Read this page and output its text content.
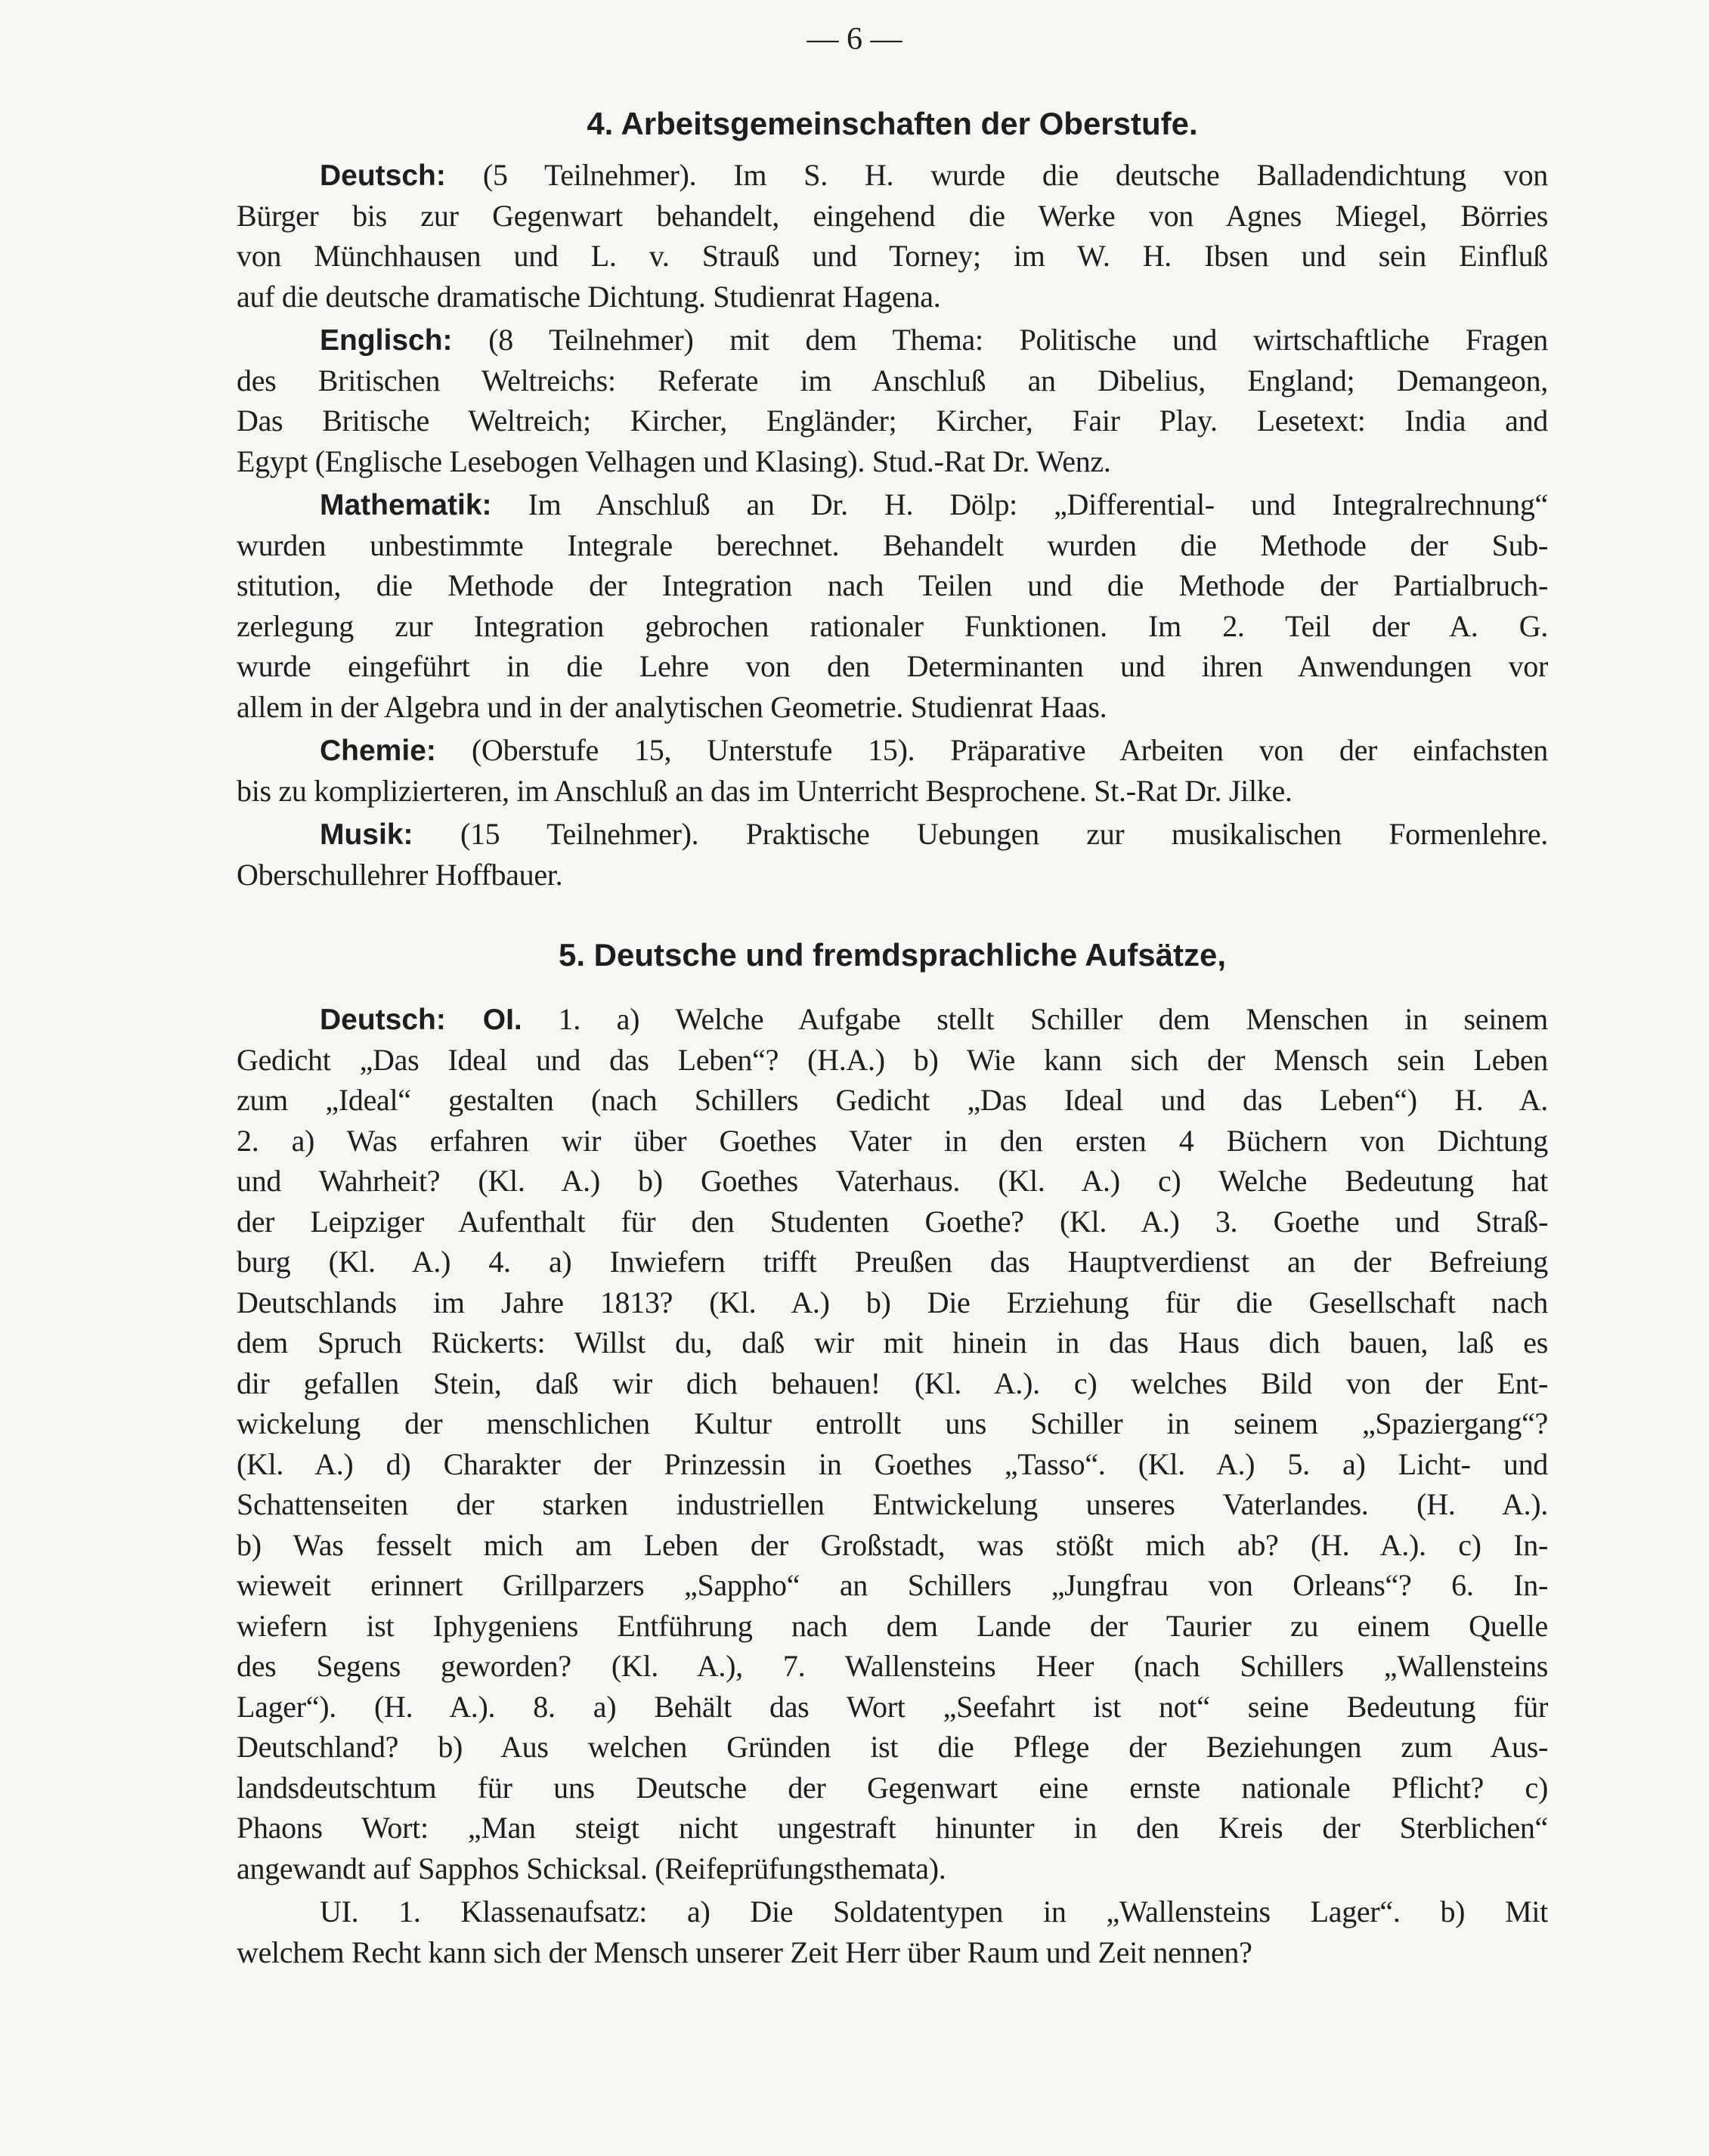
— 6 —
4. Arbeitsgemeinschaften der Oberstufe.
Deutsch: (5 Teilnehmer). Im S. H. wurde die deutsche Balladendichtung von
Bürger bis zur Gegenwart behandelt, eingehend die Werke von Agnes Miegel, Börries
von Münchhausen und L. v. Strauß und Torney; im W. H. Ibsen und sein Einfluß
auf die deutsche dramatische Dichtung. Studienrat Hagena.
Englisch: (8 Teilnehmer) mit dem Thema: Politische und wirtschaftliche Fragen
des Britischen Weltreichs: Referate im Anschluß an Dibelius, England; Demangeon,
Das Britische Weltreich; Kircher, Engländer; Kircher, Fair Play. Lesetext: India and
Egypt (Englische Lesebogen Velhagen und Klasing). Stud.-Rat Dr. Wenz.
Mathematik: Im Anschluß an Dr. H. Dölp: „Differential- und Integralrechnung“
wurden unbestimmte Integrale berechnet. Behandelt wurden die Methode der Sub-
stitution, die Methode der Integration nach Teilen und die Methode der Partialbruch-
zerlegung zur Integration gebrochen rationaler Funktionen. Im 2. Teil der A. G.
wurde eingeführt in die Lehre von den Determinanten und ihren Anwendungen vor
allem in der Algebra und in der analytischen Geometrie. Studienrat Haas.
Chemie: (Oberstufe 15, Unterstufe 15). Präparative Arbeiten von der einfachsten
bis zu komplizierteren, im Anschluß an das im Unterricht Besprochene. St.-Rat Dr. Jilke.
Musik: (15 Teilnehmer). Praktische Uebungen zur musikalischen Formenlehre.
Oberschullehrer Hoffbauer.
5. Deutsche und fremdsprachliche Aufsätze,
Deutsch: OI. 1. a) Welche Aufgabe stellt Schiller dem Menschen in seinem
Gedicht „Das Ideal und das Leben“? (H.A.) b) Wie kann sich der Mensch sein Leben
zum „Ideal“ gestalten (nach Schillers Gedicht „Das Ideal und das Leben“) H. A.
2. a) Was erfahren wir über Goethes Vater in den ersten 4 Büchern von Dichtung
und Wahrheit? (Kl. A.) b) Goethes Vaterhaus. (Kl. A.) c) Welche Bedeutung hat
der Leipziger Aufenthalt für den Studenten Goethe? (Kl. A.) 3. Goethe und Straß-
burg (Kl. A.) 4. a) Inwiefern trifft Preußen das Hauptverdienst an der Befreiung
Deutschlands im Jahre 1813? (Kl. A.) b) Die Erziehung für die Gesellschaft nach
dem Spruch Rückerts: Willst du, daß wir mit hinein in das Haus dich bauen, laß es
dir gefallen Stein, daß wir dich behauen! (Kl. A.). c) welches Bild von der Ent-
wickelung der menschlichen Kultur entrollt uns Schiller in seinem „Spaziergang“?
(Kl. A.) d) Charakter der Prinzessin in Goethes „Tasso“. (Kl. A.) 5. a) Licht- und
Schattenseiten der starken industriellen Entwickelung unseres Vaterlandes. (H. A.).
b) Was fesselt mich am Leben der Großstadt, was stößt mich ab? (H. A.). c) In-
wieweit erinnert Grillparzers „Sappho“ an Schillers „Jungfrau von Orleans“? 6. In-
wiefern ist Iphygeniens Entführung nach dem Lande der Taurier zu einem Quelle
des Segens geworden? (Kl. A.), 7. Wallensteins Heer (nach Schillers „Wallensteins
Lager“). (H. A.). 8. a) Behält das Wort „Seefahrt ist not“ seine Bedeutung für
Deutschland? b) Aus welchen Gründen ist die Pflege der Beziehungen zum Aus-
landsdeutschtum für uns Deutsche der Gegenwart eine ernste nationale Pflicht? c)
Phaons Wort: „Man steigt nicht ungestraft hinunter in den Kreis der Sterblichen“
angewandt auf Sapphos Schicksal. (Reifeprüfungsthemata).
UI. 1. Klassenaufsatz: a) Die Soldatentypen in „Wallensteins Lager“. b) Mit
welchem Recht kann sich der Mensch unserer Zeit Herr über Raum und Zeit nennen?
